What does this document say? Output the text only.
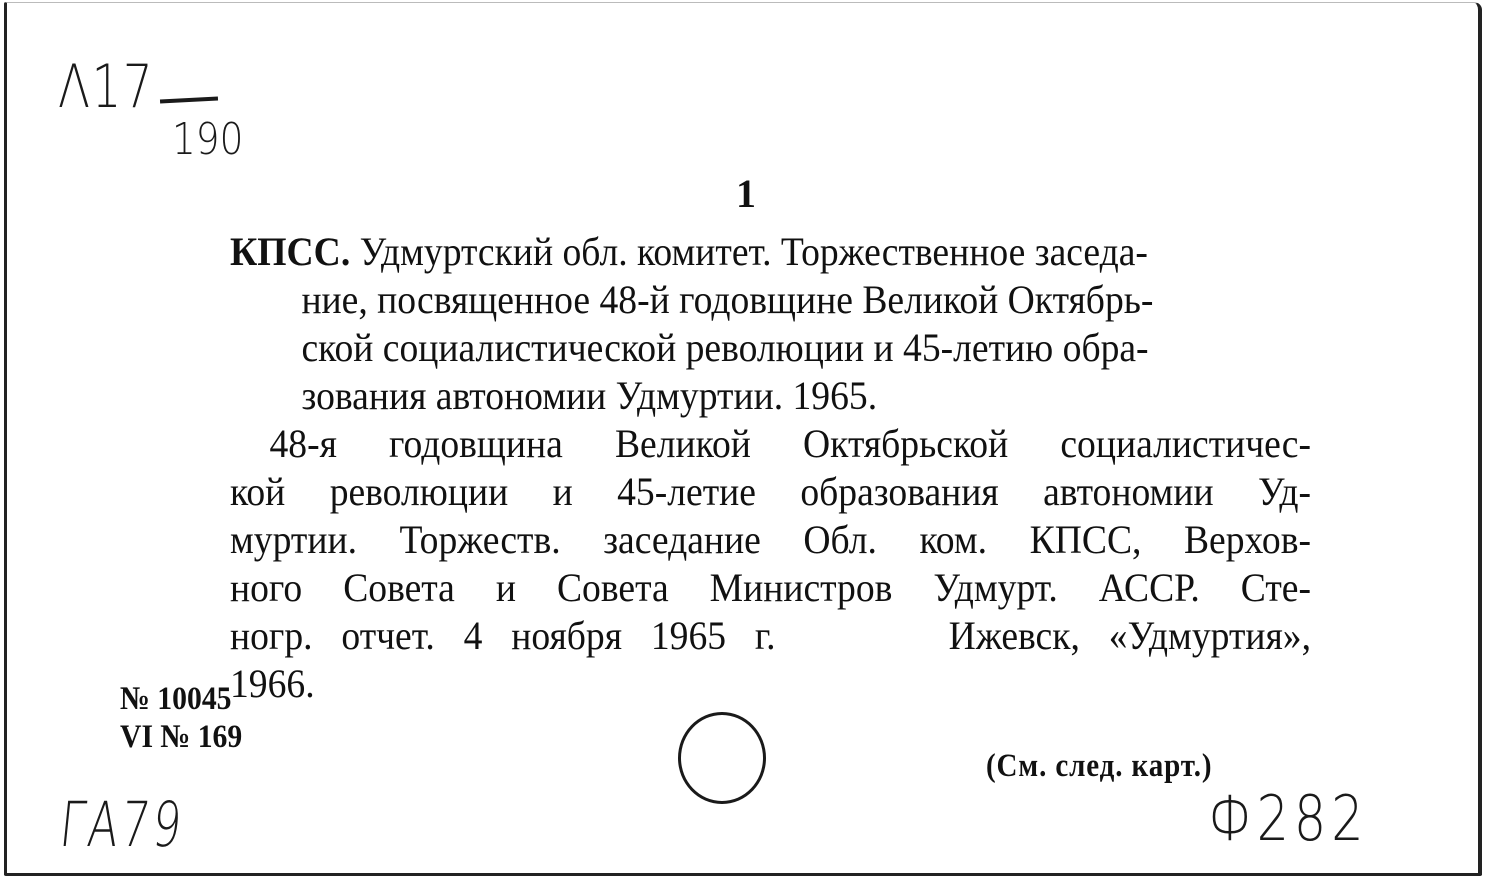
Λ17
190
1

КПСС. Удмуртский обл. комитет. Торжественное заседа-
ние, посвященное 48-й годовщине Великой Октябрь-
ской социалистической революции и 45-летию обра-
зования автономии Удмуртии. 1965.

48-я годовщина Великой Октябрьской социалистичес-
кой революции и 45-летие образования автономии Уд-
муртии. Торжеств. заседание Обл. ком. КПСС, Верхов-
ного Совета и Совета Министров Удмурт. АССР. Сте-
ногр. отчет. 4 ноября 1965 г.      Ижевск, «Удмуртия»,
1966.

№ 10045
VI № 169
(См. след. карт.)
ГА79	Ф282
